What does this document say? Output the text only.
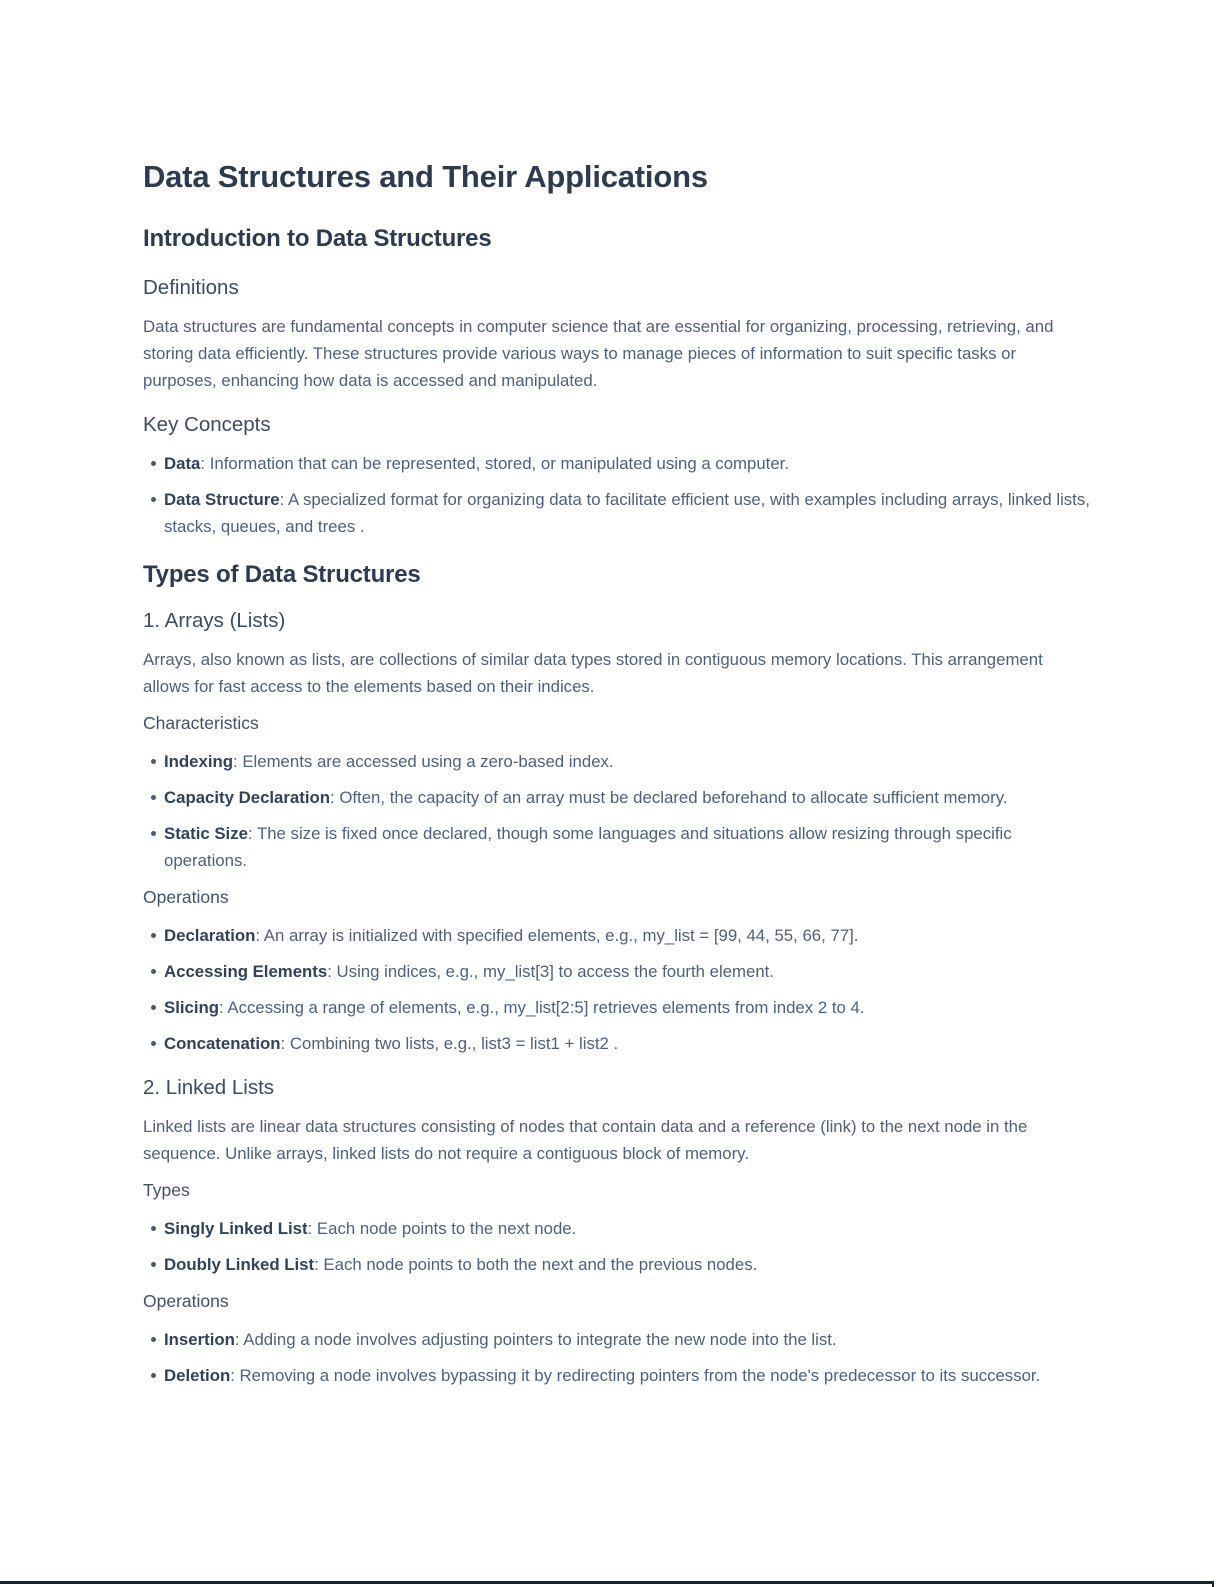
Data Structures and Their Applications
Introduction to Data Structures
Definitions

Data structures are fundamental concepts in computer science that are essential for organizing, processing, retrieving, and storing data efficiently. These structures provide various ways to manage pieces of information to suit specific tasks or purposes, enhancing how data is accessed and manipulated.

Key Concepts
Data: Information that can be represented, stored, or manipulated using a computer.
Data Structure: A specialized format for organizing data to facilitate efficient use, with examples including arrays, linked lists, stacks, queues, and trees .
Types of Data Structures
1. Arrays (Lists)

Arrays, also known as lists, are collections of similar data types stored in contiguous memory locations. This arrangement allows for fast access to the elements based on their indices.

Characteristics
Indexing: Elements are accessed using a zero-based index.
Capacity Declaration: Often, the capacity of an array must be declared beforehand to allocate sufficient memory.
Static Size: The size is fixed once declared, though some languages and situations allow resizing through specific operations.
Operations
Declaration: An array is initialized with specified elements, e.g., my_list = [99, 44, 55, 66, 77].
Accessing Elements: Using indices, e.g., my_list[3] to access the fourth element.
Slicing: Accessing a range of elements, e.g., my_list[2:5] retrieves elements from index 2 to 4.
Concatenation: Combining two lists, e.g., list3 = list1 + list2 .
2. Linked Lists

Linked lists are linear data structures consisting of nodes that contain data and a reference (link) to the next node in the sequence. Unlike arrays, linked lists do not require a contiguous block of memory.

Types
Singly Linked List: Each node points to the next node.
Doubly Linked List: Each node points to both the next and the previous nodes.
Operations
Insertion: Adding a node involves adjusting pointers to integrate the new node into the list.
Deletion: Removing a node involves bypassing it by redirecting pointers from the node's predecessor to its successor.
